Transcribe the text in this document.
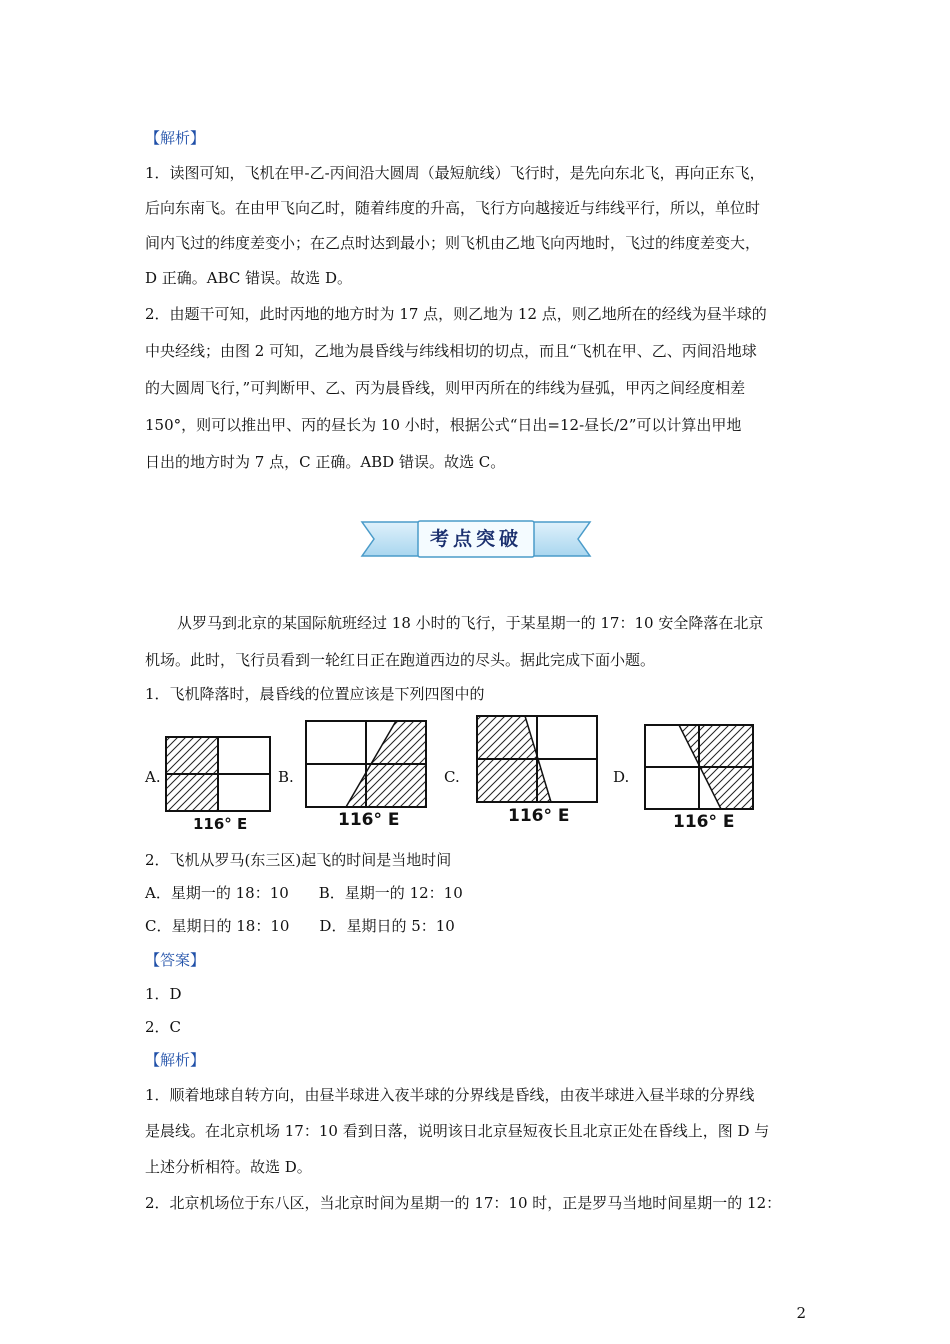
【解析】
1．读图可知，飞机在甲-乙-丙间沿大圆周（最短航线）飞行时，是先向东北飞，再向正东飞，
后向东南飞。在由甲飞向乙时，随着纬度的升高，飞行方向越接近与纬线平行，所以，单位时
间内飞过的纬度差变小；在乙点时达到最小；则飞机由乙地飞向丙地时，飞过的纬度差变大，
D 正确。ABC 错误。故选 D。
2．由题干可知，此时丙地的地方时为 17 点，则乙地为 12 点，则乙地所在的经线为昼半球的
中央经线；由图 2 可知，乙地为晨昏线与纬线相切的切点，而且“飞机在甲、乙、丙间沿地球
的大圆周飞行，”可判断甲、乙、丙为晨昏线，则甲丙所在的纬线为昼弧，甲丙之间经度相差
150°，则可以推出甲、丙的昼长为 10 小时，根据公式“日出=12-昼长/2”可以计算出甲地
日出的地方时为 7 点，C 正确。ABD 错误。故选 C。
考点突破
从罗马到北京的某国际航班经过 18 小时的飞行，于某星期一的 17：10 安全降落在北京
机场。此时，飞行员看到一轮红日正在跑道西边的尽头。据此完成下面小题。
1．飞机降落时，晨昏线的位置应该是下列四图中的
A.
116° E
B.
116° E
C.
116° E
D.
116° E
2．飞机从罗马(东三区)起飞的时间是当地时间
A．星期一的 18：10　　B．星期一的 12：10
C．星期日的 18：10　　D．星期日的 5：10
【答案】
1．D
2．C
【解析】
1．顺着地球自转方向，由昼半球进入夜半球的分界线是昏线，由夜半球进入昼半球的分界线
是晨线。在北京机场 17：10 看到日落，说明该日北京昼短夜长且北京正处在昏线上，图 D 与
上述分析相符。故选 D。
2．北京机场位于东八区，当北京时间为星期一的 17：10 时，正是罗马当地时间星期一的 12：
2
